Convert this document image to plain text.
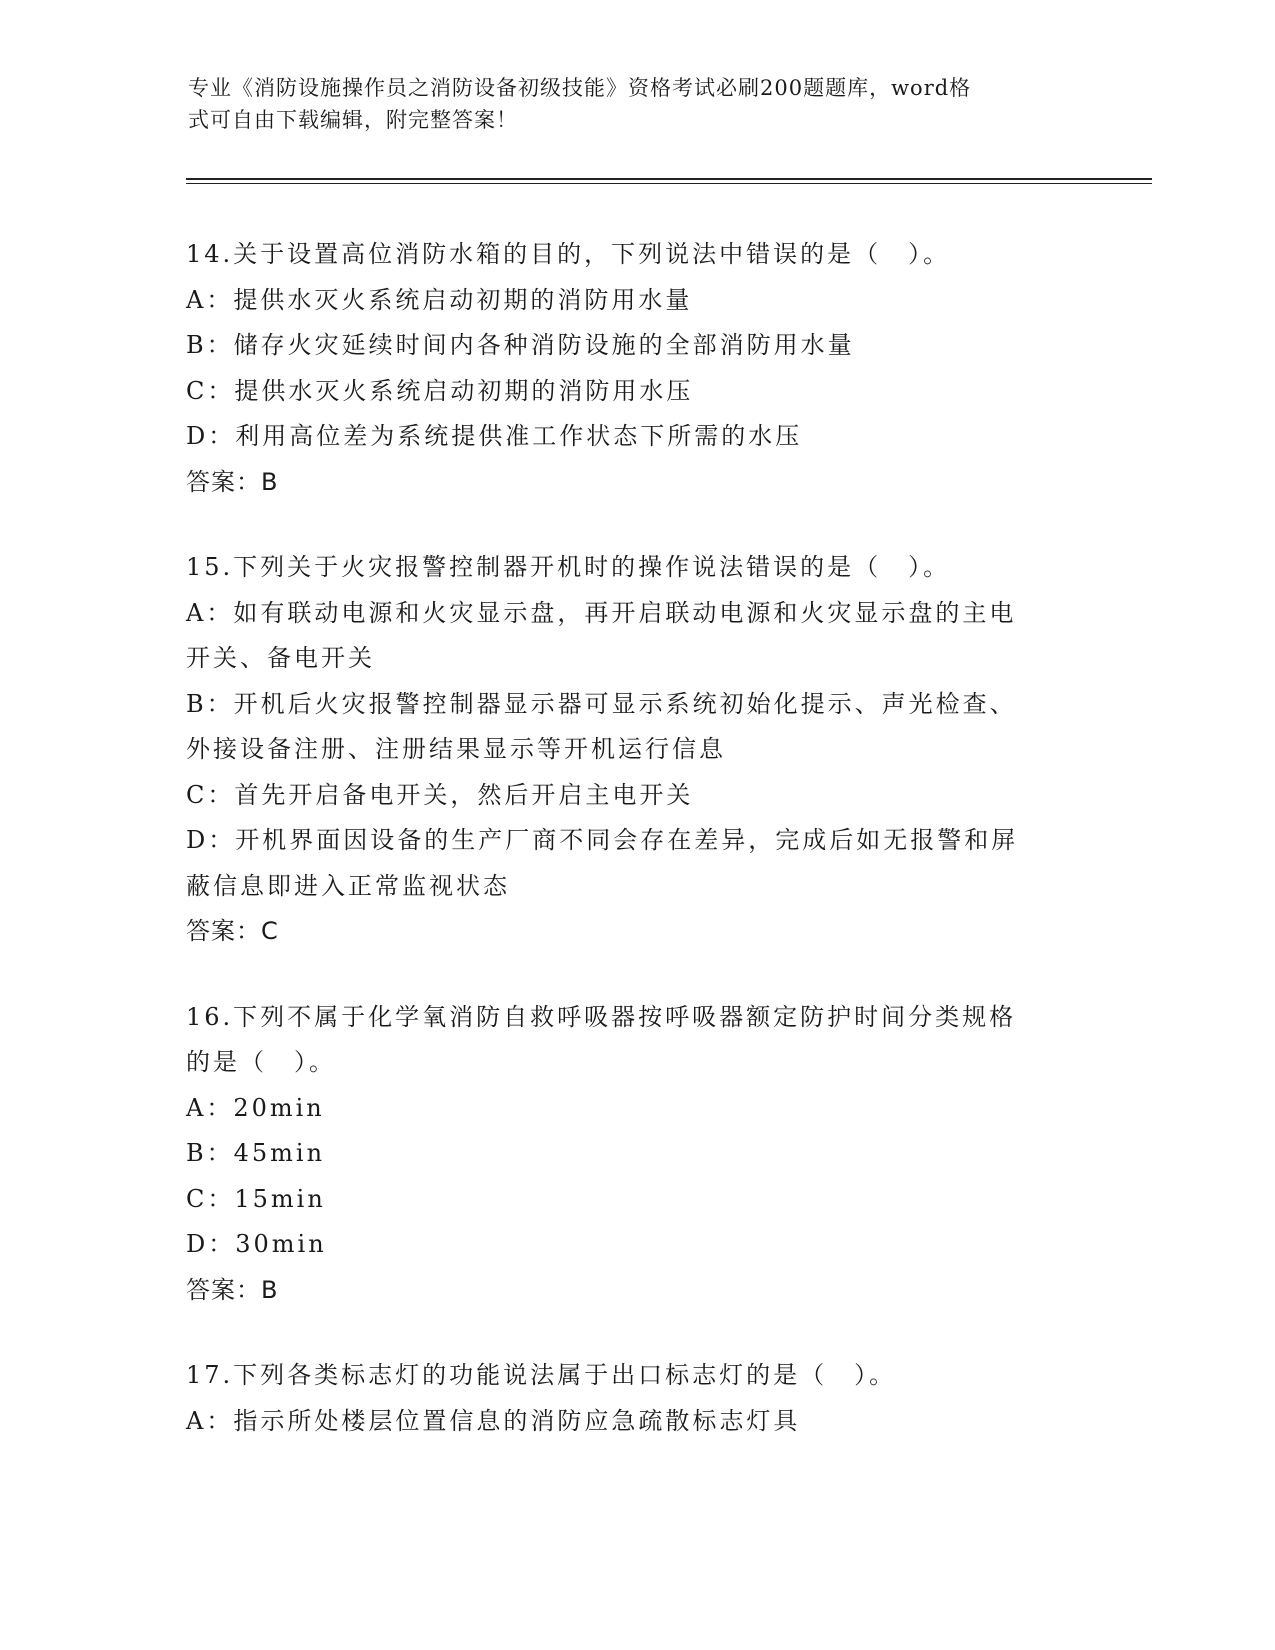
专业《消防设施操作员之消防设备初级技能》资格考试必刷200题题库，word格
式可自由下载编辑，附完整答案！
14.关于设置高位消防水箱的目的，下列说法中错误的是（　）。
A：提供水灭火系统启动初期的消防用水量
B：储存火灾延续时间内各种消防设施的全部消防用水量
C：提供水灭火系统启动初期的消防用水压
D：利用高位差为系统提供准工作状态下所需的水压
答案：B
15.下列关于火灾报警控制器开机时的操作说法错误的是（　）。
A：如有联动电源和火灾显示盘，再开启联动电源和火灾显示盘的主电
开关、备电开关
B：开机后火灾报警控制器显示器可显示系统初始化提示、声光检查、
外接设备注册、注册结果显示等开机运行信息
C：首先开启备电开关，然后开启主电开关
D：开机界面因设备的生产厂商不同会存在差异，完成后如无报警和屏
蔽信息即进入正常监视状态
答案：C
16.下列不属于化学氧消防自救呼吸器按呼吸器额定防护时间分类规格
的是（　）。
A：20min
B：45min
C：15min
D：30min
答案：B
17.下列各类标志灯的功能说法属于出口标志灯的是（　）。
A：指示所处楼层位置信息的消防应急疏散标志灯具
